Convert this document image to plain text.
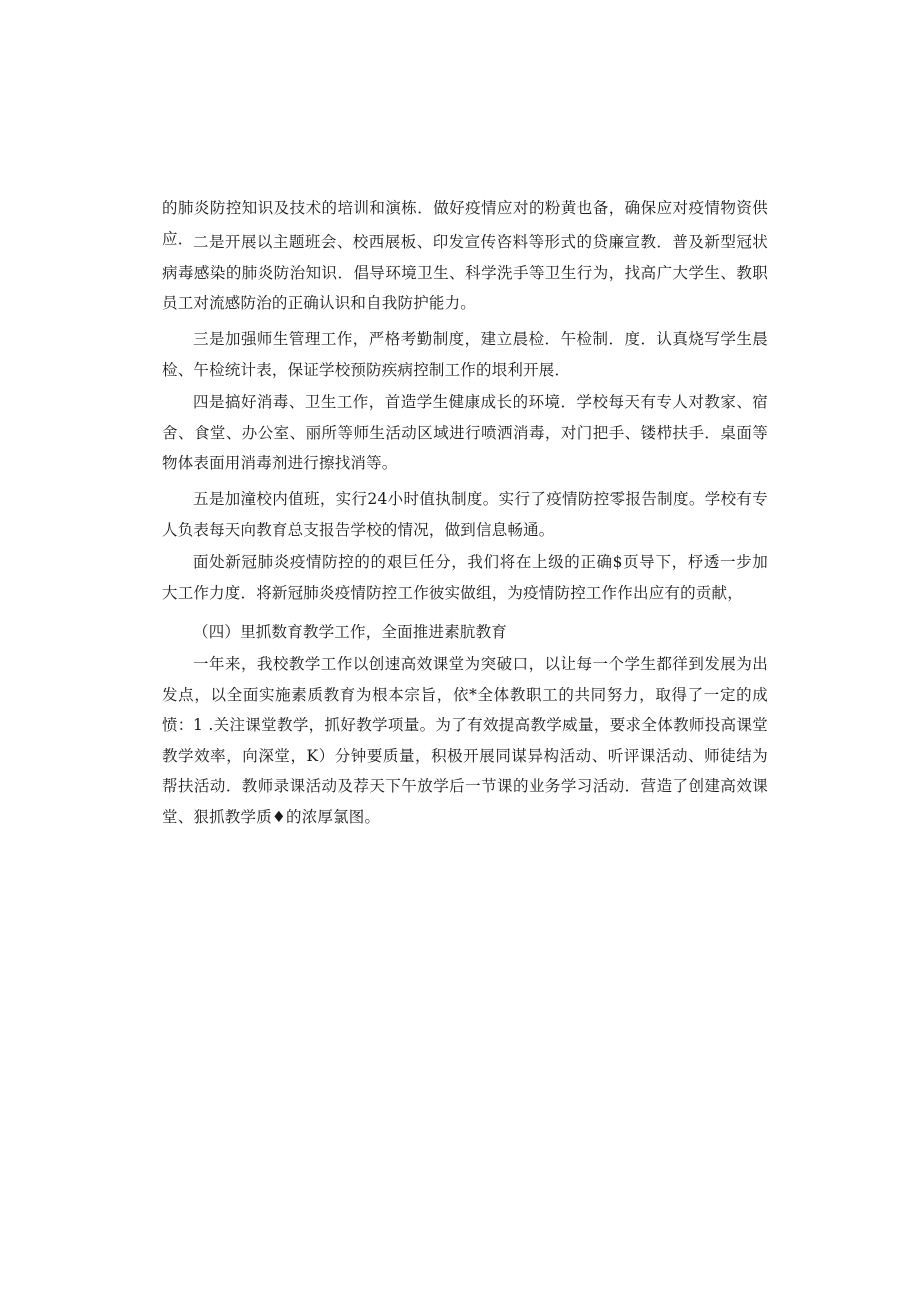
的肺炎防控知识及技术的培训和演栋．做好疫情应对的粉黄也备，确保应对疫情物资供应． 二是开展以主题班会、校西展板、印发宣传咨料等形式的贷廉宣教．普及新型冠状病毒感染的肺炎防治知识．倡导环境卫生、科学洗手等卫生行为，找高广大学生、教职员工对流感防治的正确认识和自我防护能力。

三是加强师生管理工作，严格考勤制度，建立晨检．午检制．度．认真烧写学生晨检、午检统计表，保证学校预防疾病控制工作的垠利开展．

四是搞好消毒、卫生工作，首造学生健康成长的环境．学校每天有专人对教家、宿舍、食堂、办公室、丽所等师生活动区域进行喷洒消毒，对门把手、镂栉扶手．桌面等物体表面用消毒剂进行擦找消等。

五是加潼校内值班，实行24小时值执制度。实行了疫情防控零报告制度。学校有专人负表每天向教育总支报告学校的情况，做到信息畅通。

面处新冠肺炎疫情防控的的艰巨任分，我们将在上级的正确$页导下，杼透一步加大工作力度．将新冠肺炎疫情防控工作彼实做组，为疫情防控工作作出应有的贡献，

（四）里抓数育教学工作，全面推进素肮教育

一年来，我校教学工作以创速高效课堂为突破口，以让每一个学生都徉到发展为出发点，以全面实施素质教育为根本宗旨，依*全体教职工的共同努力，取得了一定的成愤： 1 .关注课堂教学，抓好教学项量。为了有效提高教学威量，要求全体教师投高课堂教学效率，向深堂，K）分钟要质量，积极开展同谋异构活动、听评课活动、师徒结为帮扶活动．教师录课活动及荐天下午放学后一节课的业务学习活动．营造了创建高效课堂、狠抓教学质♦的浓厚氯图。
